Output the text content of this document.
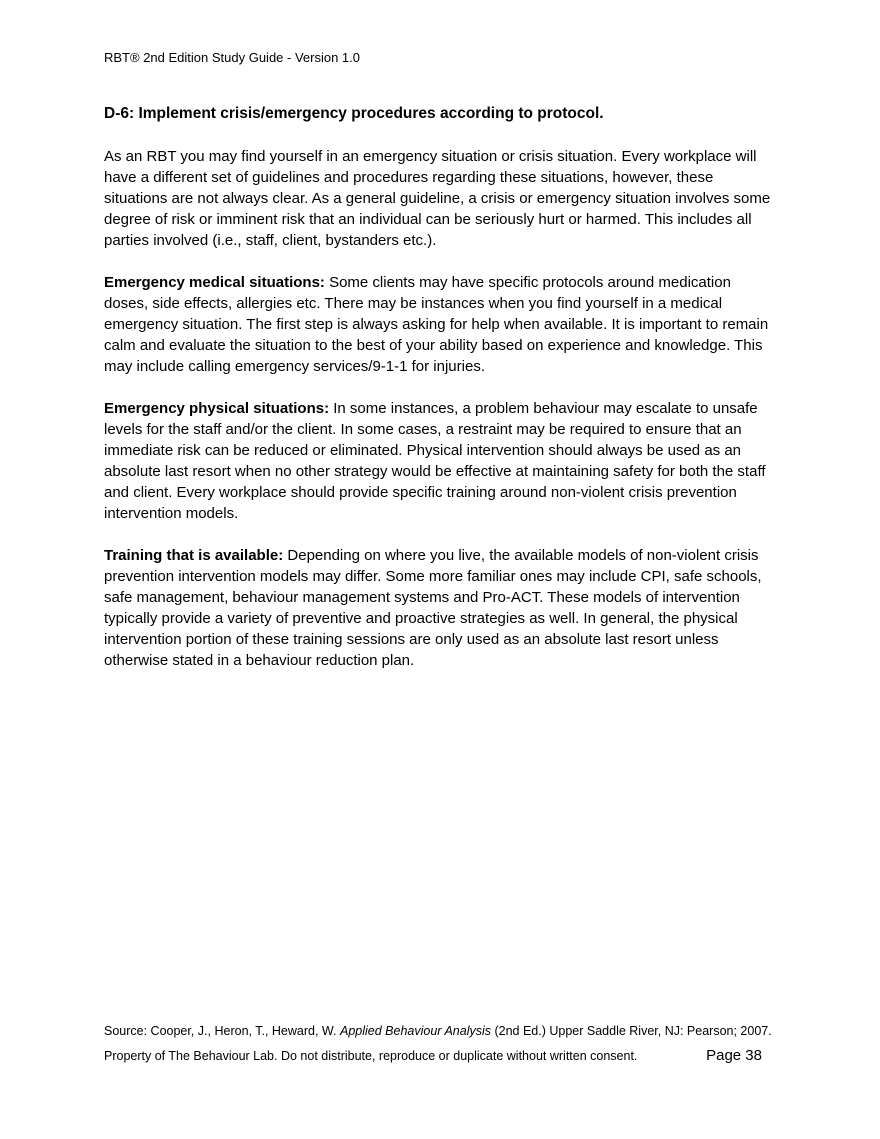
RBT® 2nd Edition Study Guide - Version 1.0

D-6: Implement crisis/emergency procedures according to protocol.

As an RBT you may find yourself in an emergency situation or crisis situation. Every workplace will have a different set of guidelines and procedures regarding these situations, however, these situations are not always clear. As a general guideline, a crisis or emergency situation involves some degree of risk or imminent risk that an individual can be seriously hurt or harmed. This includes all parties involved (i.e., staff, client, bystanders etc.).

Emergency medical situations: Some clients may have specific protocols around medication doses, side effects, allergies etc. There may be instances when you find yourself in a medical emergency situation. The first step is always asking for help when available. It is important to remain calm and evaluate the situation to the best of your ability based on experience and knowledge. This may include calling emergency services/9-1-1 for injuries.

Emergency physical situations: In some instances, a problem behaviour may escalate to unsafe levels for the staff and/or the client. In some cases, a restraint may be required to ensure that an immediate risk can be reduced or eliminated. Physical intervention should always be used as an absolute last resort when no other strategy would be effective at maintaining safety for both the staff and client. Every workplace should provide specific training around non-violent crisis prevention intervention models.

Training that is available: Depending on where you live, the available models of non-violent crisis prevention intervention models may differ. Some more familiar ones may include CPI, safe schools, safe management, behaviour management systems and Pro-ACT. These models of intervention typically provide a variety of preventive and proactive strategies as well. In general, the physical intervention portion of these training sessions are only used as an absolute last resort unless otherwise stated in a behaviour reduction plan.

Source: Cooper, J., Heron, T., Heward, W. Applied Behaviour Analysis (2nd Ed.) Upper Saddle River, NJ: Pearson; 2007.

Property of The Behaviour Lab. Do not distribute, reproduce or duplicate without written consent.	Page 38
